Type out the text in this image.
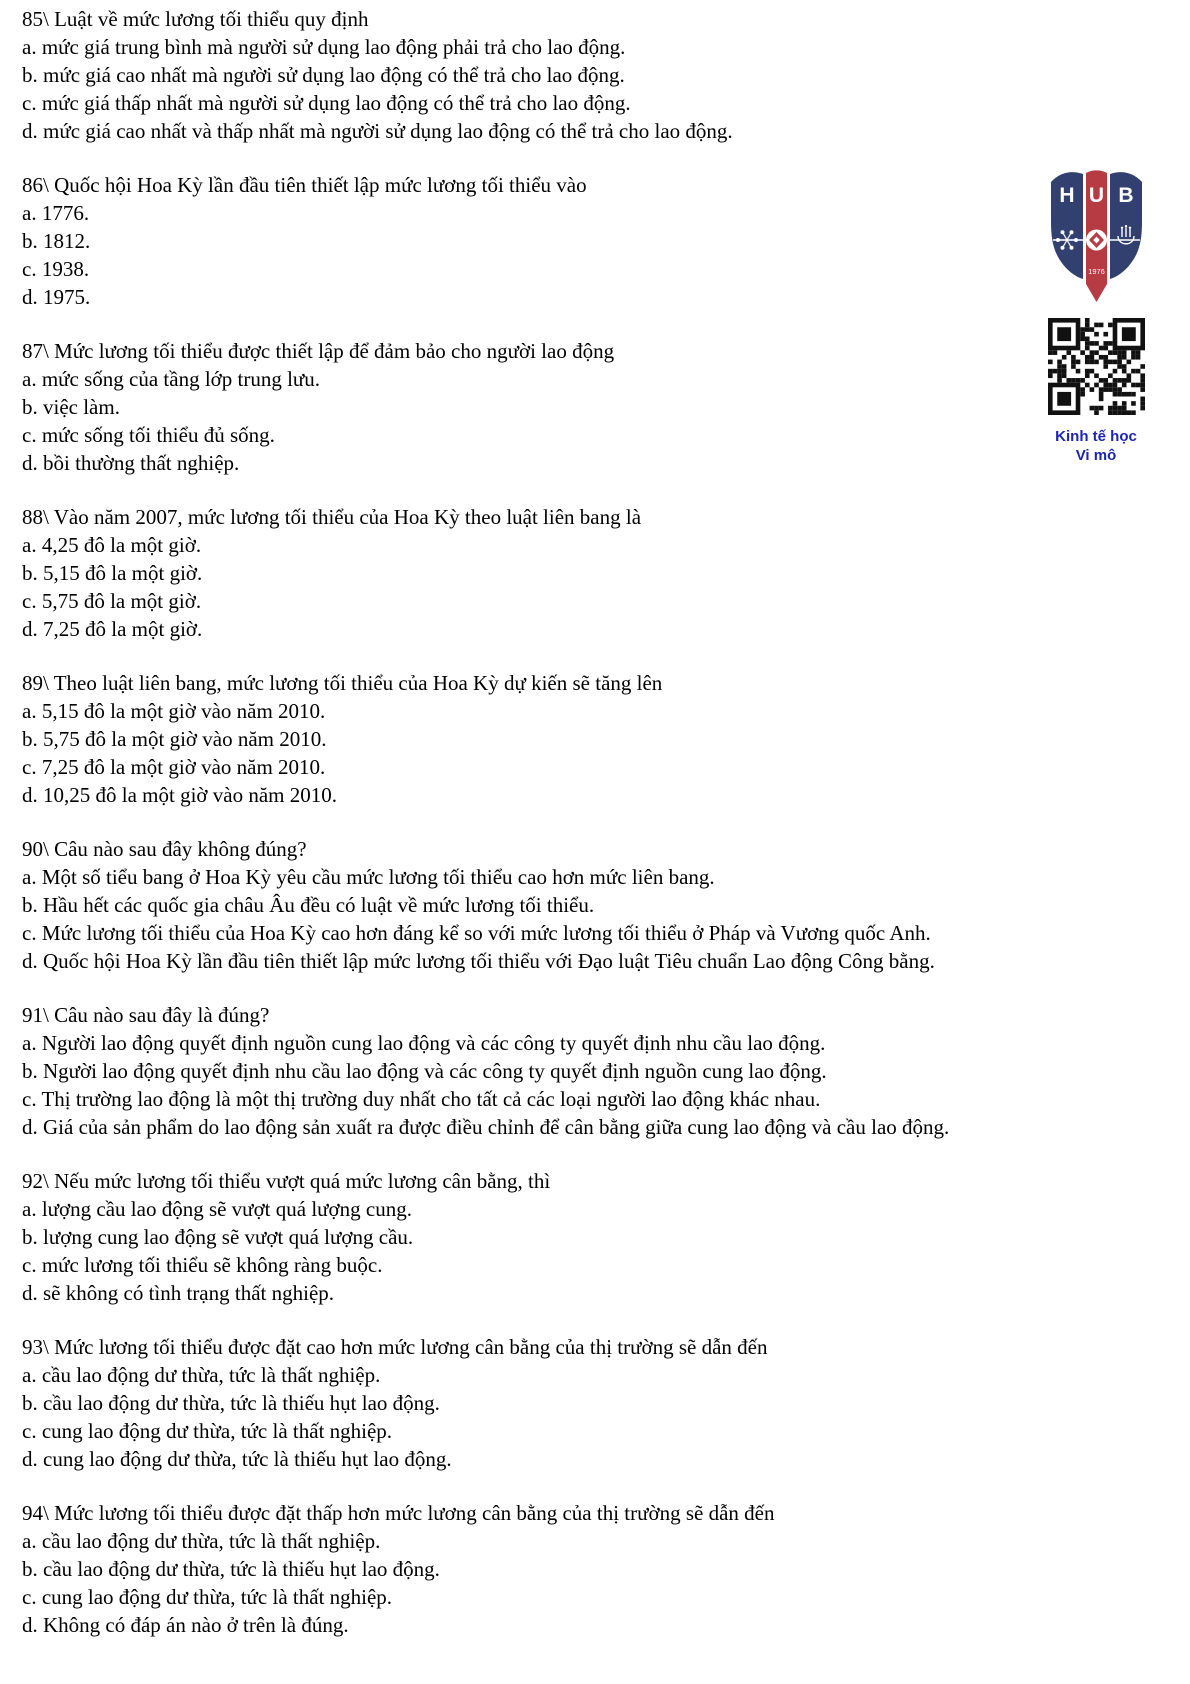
85\ Luật về mức lương tối thiểu quy định
a. mức giá trung bình mà người sử dụng lao động phải trả cho lao động.
b. mức giá cao nhất mà người sử dụng lao động có thể trả cho lao động.
c. mức giá thấp nhất mà người sử dụng lao động có thể trả cho lao động.
d. mức giá cao nhất và thấp nhất mà người sử dụng lao động có thể trả cho lao động.
86\ Quốc hội Hoa Kỳ lần đầu tiên thiết lập mức lương tối thiểu vào
a. 1776.
b. 1812.
c. 1938.
d. 1975.
87\ Mức lương tối thiểu được thiết lập để đảm bảo cho người lao động
a. mức sống của tầng lớp trung lưu.
b. việc làm.
c. mức sống tối thiểu đủ sống.
d. bồi thường thất nghiệp.
88\ Vào năm 2007, mức lương tối thiểu của Hoa Kỳ theo luật liên bang là
a. 4,25 đô la một giờ.
b. 5,15 đô la một giờ.
c. 5,75 đô la một giờ.
d. 7,25 đô la một giờ.
89\ Theo luật liên bang, mức lương tối thiểu của Hoa Kỳ dự kiến sẽ tăng lên
a. 5,15 đô la một giờ vào năm 2010.
b. 5,75 đô la một giờ vào năm 2010.
c. 7,25 đô la một giờ vào năm 2010.
d. 10,25 đô la một giờ vào năm 2010.
90\ Câu nào sau đây không đúng?
a. Một số tiểu bang ở Hoa Kỳ yêu cầu mức lương tối thiểu cao hơn mức liên bang.
b. Hầu hết các quốc gia châu Âu đều có luật về mức lương tối thiểu.
c. Mức lương tối thiểu của Hoa Kỳ cao hơn đáng kể so với mức lương tối thiểu ở Pháp và Vương quốc Anh.
d. Quốc hội Hoa Kỳ lần đầu tiên thiết lập mức lương tối thiểu với Đạo luật Tiêu chuẩn Lao động Công bằng.
91\ Câu nào sau đây là đúng?
a. Người lao động quyết định nguồn cung lao động và các công ty quyết định nhu cầu lao động.
b. Người lao động quyết định nhu cầu lao động và các công ty quyết định nguồn cung lao động.
c. Thị trường lao động là một thị trường duy nhất cho tất cả các loại người lao động khác nhau.
d. Giá của sản phẩm do lao động sản xuất ra được điều chỉnh để cân bằng giữa cung lao động và cầu lao động.
92\ Nếu mức lương tối thiểu vượt quá mức lương cân bằng, thì
a. lượng cầu lao động sẽ vượt quá lượng cung.
b. lượng cung lao động sẽ vượt quá lượng cầu.
c. mức lương tối thiểu sẽ không ràng buộc.
d. sẽ không có tình trạng thất nghiệp.
93\ Mức lương tối thiểu được đặt cao hơn mức lương cân bằng của thị trường sẽ dẫn đến
a. cầu lao động dư thừa, tức là thất nghiệp.
b. cầu lao động dư thừa, tức là thiếu hụt lao động.
c. cung lao động dư thừa, tức là thất nghiệp.
d. cung lao động dư thừa, tức là thiếu hụt lao động.
94\ Mức lương tối thiểu được đặt thấp hơn mức lương cân bằng của thị trường sẽ dẫn đến
a. cầu lao động dư thừa, tức là thất nghiệp.
b. cầu lao động dư thừa, tức là thiếu hụt lao động.
c. cung lao động dư thừa, tức là thất nghiệp.
d. Không có đáp án nào ở trên là đúng.
H U B
1976
Kinh tế học
Vi mô
